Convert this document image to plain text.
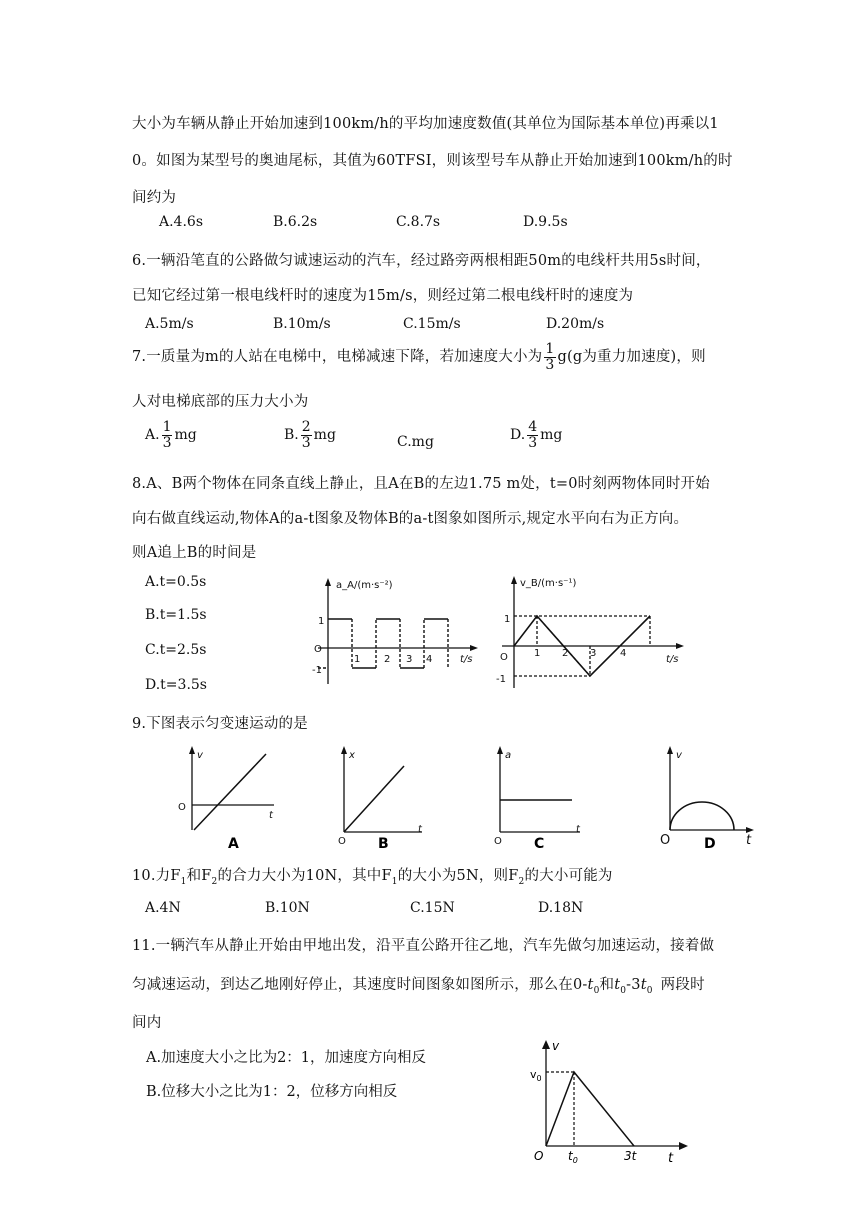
大小为车辆从静止开始加速到100km/h的平均加速度数值(其单位为国际基本单位)再乘以1
0。如图为某型号的奥迪尾标，其值为60TFSI，则该型号车从静止开始加速到100km/h的时
间约为
A.4.6s	B.6.2s	C.8.7s	D.9.5s
6.一辆沿笔直的公路做匀诚速运动的汽车，经过路旁两根相距50m的电线杆共用5s时间，
已知它经过第一根电线杆时的速度为15m/s，则经过第二根电线杆时的速度为
A.5m/s	B.10m/s	C.15m/s	D.20m/s
7.一质量为m的人站在电梯中，电梯减速下降，若加速度大小为 $\frac{1}{3} g(g$为重力加速度)，则
人对电梯底部的压力大小为
A. $\frac{1}{3}$ mg	B. $\frac{2}{3}$ mg	C.mg	D. $\frac{4}{3}$ mg
8.A、B两个物体在同条直线上静止，且A在B的左边1.75 m处，t=0时刻两物体同时开始
向右做直线运动,物体A的a-t图象及物体B的a-t图象如图所示,规定水平向右为正方向。
则A追上B的时间是
A.t=0.5s
B.t=1.5s
C.t=2.5s
D.t=3.5s
a_A/(m·s⁻²)
t/s
O
1
-1
1 2 3 4
v_B/(m·s⁻¹)
t/s
O
1
-1
1 2 3 4
9.下图表示匀变速运动的是
v
t
O
A
x
t
O B
a
t
O C
v
t
O D
10.力$F_1$和$F_2$的合力大小为10N，其中$F_1$的大小为5N，则$F_2$的大小可能为
A.4N	B.10N	C.15N	D.18N
11.一辆汽车从静止开始由甲地出发，沿平直公路开往乙地，汽车先做匀加速运动，接着做
匀减速运动，到达乙地刚好停止，其速度时间图象如图所示，那么在$0-t_0$和$t_0-3t_0$ 两段时
间内
A.加速度大小之比为2：1，加速度方向相反
B.位移大小之比为1：2，位移方向相反
v
t
$v_0$
O $t_0$	3t
